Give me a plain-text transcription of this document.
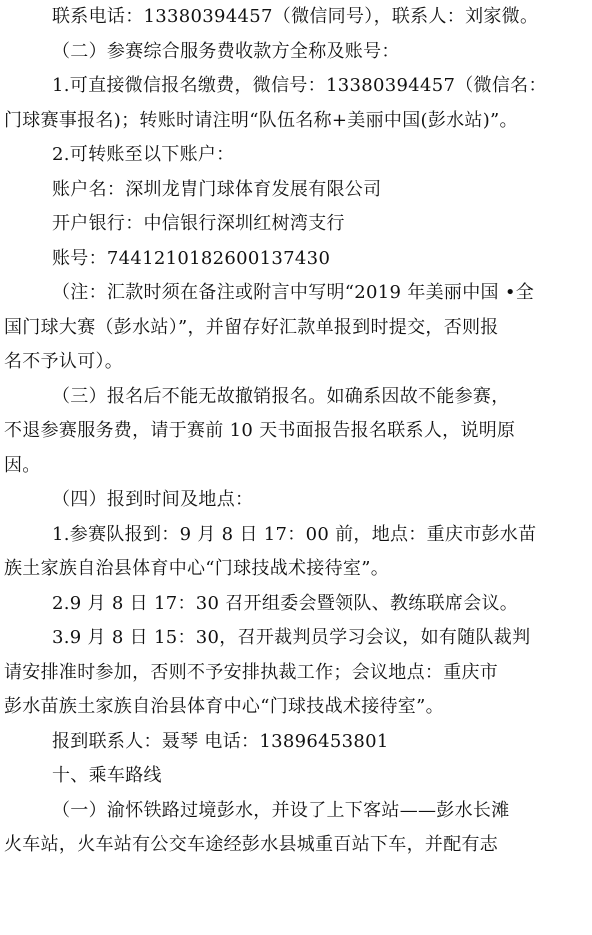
联系电话：13380394457（微信同号），联系人：刘家微。
（二）参赛综合服务费收款方全称及账号：
1.可直接微信报名缴费，微信号：13380394457（微信名：
门球赛事报名)；转账时请注明“队伍名称+美丽中国(彭水站)”。
2.可转账至以下账户：
账户名：深圳龙胄门球体育发展有限公司
开户银行：中信银行深圳红树湾支行
账号：7441210182600137430
（注：汇款时须在备注或附言中写明“2019 年美丽中国 •全
国门球大赛（彭水站）”，并留存好汇款单报到时提交，否则报
名不予认可）。
（三）报名后不能无故撤销报名。如确系因故不能参赛，
不退参赛服务费，请于赛前 10 天书面报告报名联系人，说明原
因。
（四）报到时间及地点：
1.参赛队报到：9 月 8 日 17：00 前，地点：重庆市彭水苗
族土家族自治县体育中心“门球技战术接待室”。
2.9 月 8 日 17：30 召开组委会暨领队、教练联席会议。
3.9 月 8 日 15：30，召开裁判员学习会议，如有随队裁判
请安排准时参加，否则不予安排执裁工作；会议地点：重庆市
彭水苗族土家族自治县体育中心“门球技战术接待室”。
报到联系人：聂琴 电话：13896453801
十、乘车路线
（一）渝怀铁路过境彭水，并设了上下客站——彭水长滩
火车站，火车站有公交车途经彭水县城重百站下车，并配有志
